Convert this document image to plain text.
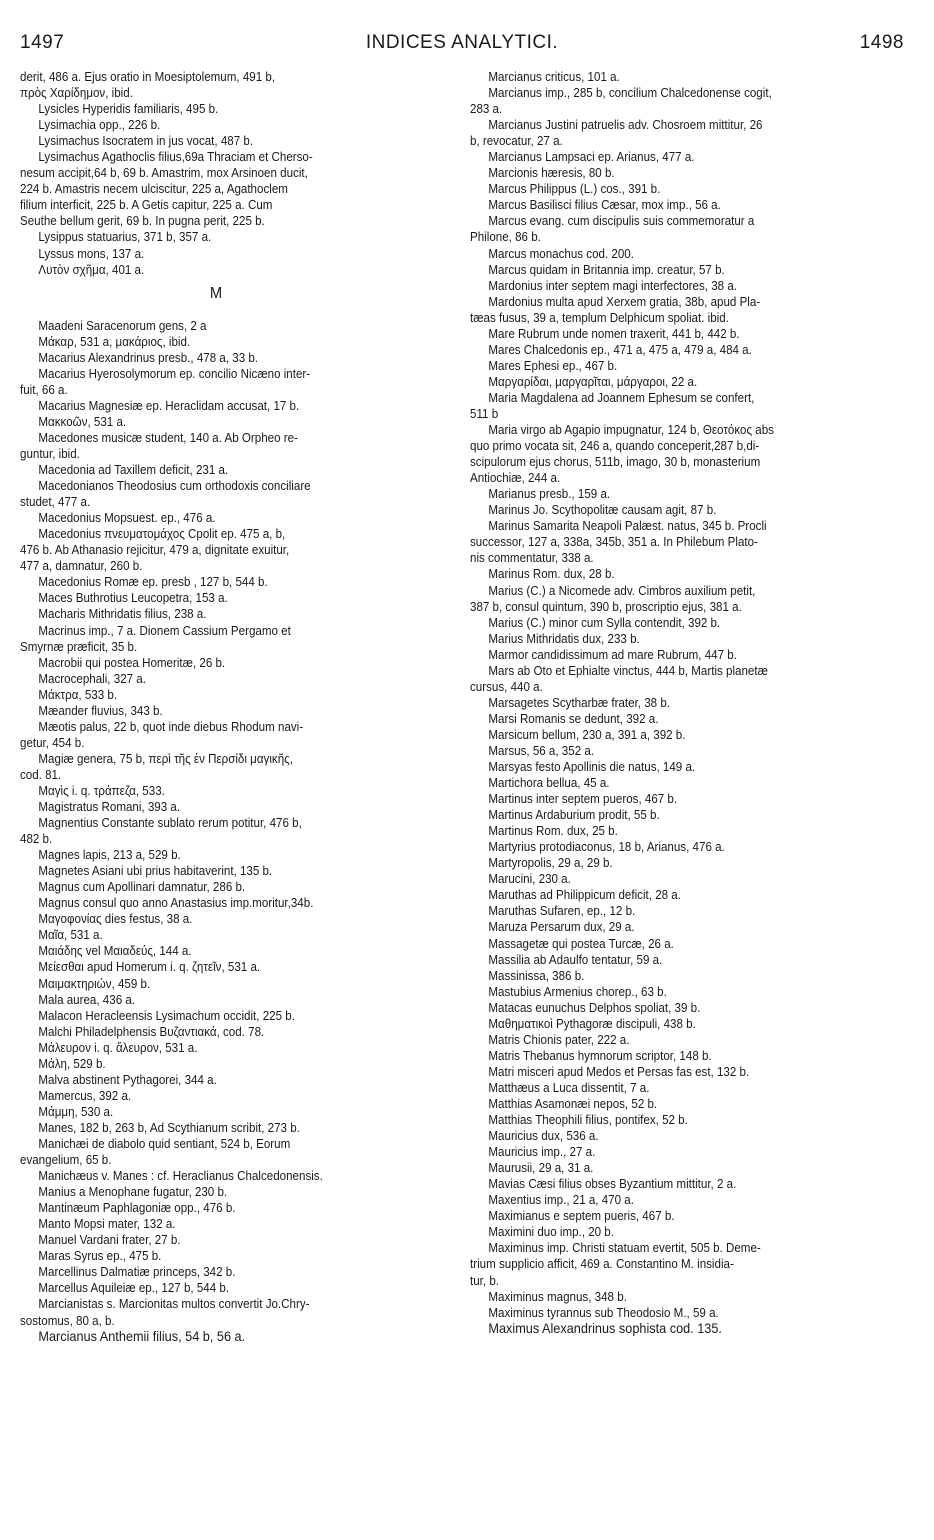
1497	INDICES ANALYTICI.	1498
derit, 486 a. Ejus oratio in Moesiptolemum, 491 b,
πρὸς Χαρίδημον, ibid.
Lysicles Hyperidis familiaris, 495 b.
Lysimachia opp., 226 b.
Lysimachus Isocratem in jus vocat, 487 b.
Lysimachus Agathoclis filius,69a Thraciam et Cherso-
nesum accipit,64 b, 69 b. Amastrim, mox Arsinoen ducit,
224 b. Amastris necem ulciscitur, 225 a, Agathoclem
filium interficit, 225 b. A Getis capitur, 225 a. Cum
Seuthe bellum gerit, 69 b. In pugna perit, 225 b.
Lysippus statuarius, 371 b, 357 a.
Lyssus mons, 137 a.
Λυτὸν σχῆμα, 401 a.
M
Maadeni Saracenorum gens, 2 a
Μάκαρ, 531 a, μακάριος, ibid.
Macarius Alexandrinus presb., 478 a, 33 b.
Macarius Hyerosolymorum ep. concilio Nicæno inter-
fuit, 66 a.
Macarius Magnesiæ ep. Heraclidam accusat, 17 b.
Μακκοῶν, 531 a.
Macedones musicæ student, 140 a. Ab Orpheo re-
guntur, ibid.
Macedonia ad Taxillem deficit, 231 a.
Macedonianos Theodosius cum orthodoxis conciliare
studet, 477 a.
Macedonius Mopsuest. ep., 476 a.
Macedonius πνευματομάχος Cpolit ep. 475 a, b,
476 b. Ab Athanasio rejicitur, 479 a, dignitate exuitur,
477 a, damnatur, 260 b.
Macedonius Romæ ep. presb , 127 b, 544 b.
Maces Buthrotius Leucopetra, 153 a.
Macharis Mithridatis filius, 238 a.
Macrinus imp., 7 a. Dionem Cassium Pergamo et
Smyrnæ præficit, 35 b.
Macrobii qui postea Homeritæ, 26 b.
Macrocephali, 327 a.
Μάκτρα, 533 b.
Mæander fluvius, 343 b.
Mæotis palus, 22 b, quot inde diebus Rhodum navi-
getur, 454 b.
Magiæ genera, 75 b, περὶ τῆς ἐν Περσίδι μαγικῆς,
cod. 81.
Μαγὶς i. q. τράπεζα, 533.
Magistratus Romani, 393 a.
Magnentius Constante sublato rerum potitur, 476 b,
482 b.
Magnes lapis, 213 a, 529 b.
Magnetes Asiani ubi prius habitaverint, 135 b.
Magnus cum Apollinari damnatur, 286 b.
Magnus consul quo anno Anastasius imp.moritur,34b.
Μαγοφονίας dies festus, 38 a.
Μαῖα, 531 a.
Μαιάδης vel Μαιαδεύς, 144 a.
Μείεσθαι apud Homerum i. q. ζητεῖν, 531 a.
Μαιμακτηριών, 459 b.
Mala aurea, 436 a.
Malacon Heracleensis Lysimachum occidit, 225 b.
Malchi Philadelphensis Βυζαντιακά, cod. 78.
Μάλευρον i. q. ἄλευρον, 531 a.
Μάλη, 529 b.
Malva abstinent Pythagorei, 344 a.
Mamercus, 392 a.
Μάμμη, 530 a.
Manes, 182 b, 263 b, Ad Scythianum scribit, 273 b.
Manichæi de diabolo quid sentiant, 524 b, Eorum
evangelium, 65 b.
Manichæus v. Manes : cf. Heraclianus Chalcedonensis.
Manius a Menophane fugatur, 230 b.
Mantinæum Paphlagoniæ opp., 476 b.
Manto Mopsi mater, 132 a.
Manuel Vardani frater, 27 b.
Maras Syrus ep., 475 b.
Marcellinus Dalmatiæ princeps, 342 b.
Marcellus Aquileiæ ep., 127 b, 544 b.
Marcianistas s. Marcionitas multos convertit Jo.Chry-
sostomus, 80 a, b.
Marcianus Anthemii filius, 54 b, 56 a.
Marcianus criticus, 101 a.
Marcianus imp., 285 b, concilium Chalcedonense cogit,
283 a.
Marcianus Justini patruelis adv. Chosroem mittitur, 26
b, revocatur, 27 a.
Marcianus Lampsaci ep. Arianus, 477 a.
Marcionis hæresis, 80 b.
Marcus Philippus (L.) cos., 391 b.
Marcus Basilisci filius Cæsar, mox imp., 56 a.
Marcus evang. cum discipulis suis commemoratur a
Philone, 86 b.
Marcus monachus cod. 200.
Marcus quidam in Britannia imp. creatur, 57 b.
Mardonius inter septem magi interfectores, 38 a.
Mardonius multa apud Xerxem gratia, 38b, apud Pla-
tæas fusus, 39 a, templum Delphicum spoliat. ibid.
Mare Rubrum unde nomen traxerit, 441 b, 442 b.
Mares Chalcedonis ep., 471 a, 475 a, 479 a, 484 a.
Mares Ephesi ep., 467 b.
Μαργαρίδαι, μαργαρῖται, μάργαροι, 22 a.
Maria Magdalena ad Joannem Ephesum se confert,
511 b
Maria virgo ab Agapio impugnatur, 124 b, Θεοτόκος abs
quo primo vocata sit, 246 a, quando conceperit,287 b,di-
scipulorum ejus chorus, 511b, imago, 30 b, monasterium
Antiochiæ, 244 a.
Marianus presb., 159 a.
Marinus Jo. Scythopolitæ causam agit, 87 b.
Marinus Samarita Neapoli Palæst. natus, 345 b. Procli
successor, 127 a, 338a, 345b, 351 a. In Philebum Plato-
nis commentatur, 338 a.
Marinus Rom. dux, 28 b.
Marius (C.) a Nicomede adv. Cimbros auxilium petit,
387 b, consul quintum, 390 b, proscriptio ejus, 381 a.
Marius (C.) minor cum Sylla contendit, 392 b.
Marius Mithridatis dux, 233 b.
Marmor candidissimum ad mare Rubrum, 447 b.
Mars ab Oto et Ephialte vinctus, 444 b, Martis planetæ
cursus, 440 a.
Marsagetes Scytharbæ frater, 38 b.
Marsi Romanis se dedunt, 392 a.
Marsicum bellum, 230 a, 391 a, 392 b.
Marsus, 56 a, 352 a.
Marsyas festo Apollinis die natus, 149 a.
Martichora bellua, 45 a.
Martinus inter septem pueros, 467 b.
Martinus Ardaburium prodit, 55 b.
Martinus Rom. dux, 25 b.
Martyrius protodiaconus, 18 b, Arianus, 476 a.
Martyropolis, 29 a, 29 b.
Marucini, 230 a.
Maruthas ad Philippicum deficit, 28 a.
Maruthas Sufaren, ep., 12 b.
Maruza Persarum dux, 29 a.
Massagetæ qui postea Turcæ, 26 a.
Massilia ab Adaulfo tentatur, 59 a.
Massinissa, 386 b.
Mastubius Armenius chorep., 63 b.
Matacas eunuchus Delphos spoliat, 39 b.
Μαθηματικοὶ Pythagoræ discipuli, 438 b.
Matris Chionis pater, 222 a.
Matris Thebanus hymnorum scriptor, 148 b.
Matri misceri apud Medos et Persas fas est, 132 b.
Matthæus a Luca dissentit, 7 a.
Matthias Asamonæi nepos, 52 b.
Matthias Theophili filius, pontifex, 52 b.
Mauricius dux, 536 a.
Mauricius imp., 27 a.
Maurusii, 29 a, 31 a.
Mavias Cæsi filius obses Byzantium mittitur, 2 a.
Maxentius imp., 21 a, 470 a.
Maximianus e septem pueris, 467 b.
Maximini duo imp., 20 b.
Maximinus imp. Christi statuam evertit, 505 b. Deme-
trium supplicio afficit, 469 a. Constantino M. insidia-
tur, b.
Maximinus magnus, 348 b.
Maximinus tyrannus sub Theodosio M., 59 a.
Maximus Alexandrinus sophista cod. 135.
